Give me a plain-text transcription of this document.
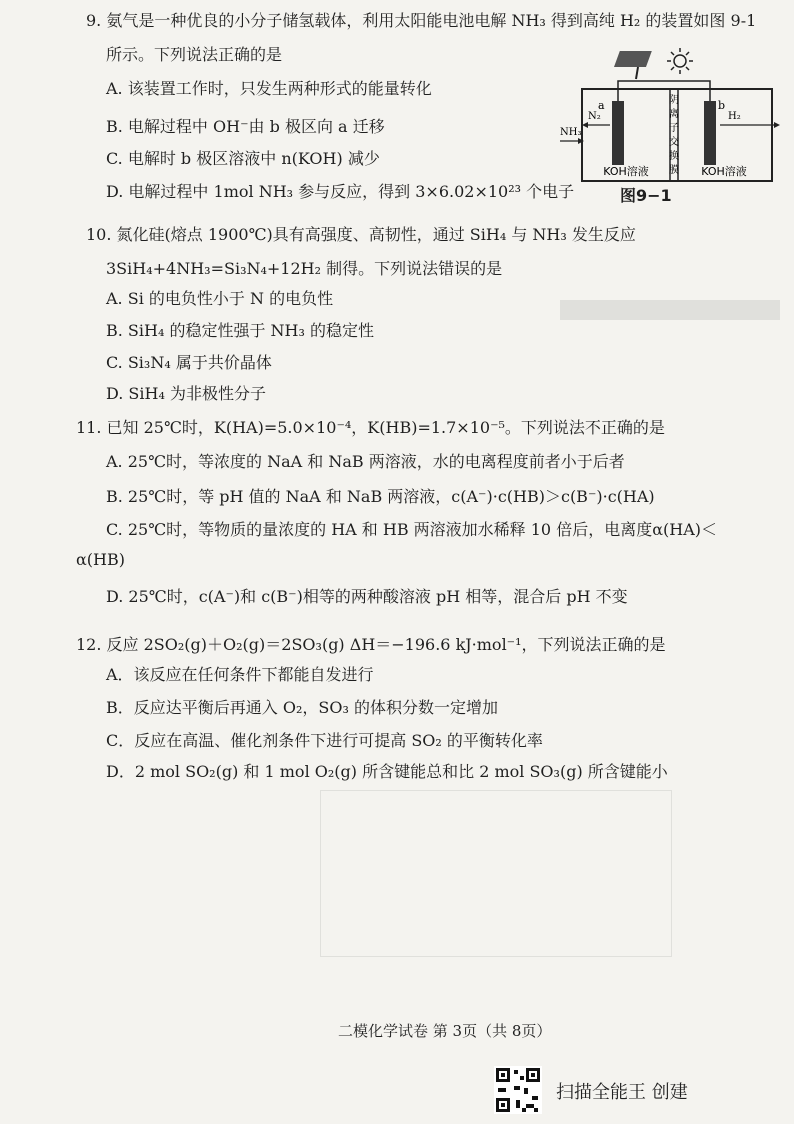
9. 氨气是一种优良的小分子储氢载体，利用太阳能电池电解 NH₃ 得到高纯 H₂ 的装置如图 9-1
所示。下列说法正确的是
A. 该装置工作时，只发生两种形式的能量转化
B. 电解过程中 OH⁻由 b 极区向 a 迁移
C. 电解时 b 极区溶液中 n(KOH) 减少
D. 电解过程中 1mol NH₃ 参与反应，得到 3×6.02×10²³ 个电子
a	b
N₂
NH₃
H₂
阴
离
子
交
换
膜
KOH溶液	KOH溶液
图9−1
10. 氮化硅(熔点 1900℃)具有高强度、高韧性，通过 SiH₄ 与 NH₃ 发生反应
3SiH₄+4NH₃=Si₃N₄+12H₂ 制得。下列说法错误的是
A. Si 的电负性小于 N 的电负性
B. SiH₄ 的稳定性强于 NH₃ 的稳定性
C. Si₃N₄ 属于共价晶体
D. SiH₄ 为非极性分子
11. 已知 25℃时，K(HA)=5.0×10⁻⁴，K(HB)=1.7×10⁻⁵。下列说法不正确的是
A. 25℃时，等浓度的 NaA 和 NaB 两溶液，水的电离程度前者小于后者
B. 25℃时，等 pH 值的 NaA 和 NaB 两溶液，c(A⁻)·c(HB)＞c(B⁻)·c(HA)
C. 25℃时，等物质的量浓度的 HA 和 HB 两溶液加水稀释 10 倍后，电离度α(HA)＜
α(HB)
D. 25℃时，c(A⁻)和 c(B⁻)相等的两种酸溶液 pH 相等，混合后 pH 不变
12. 反应 2SO₂(g)＋O₂(g)＝2SO₃(g) ΔH＝−196.6 kJ·mol⁻¹，下列说法正确的是
A．该反应在任何条件下都能自发进行
B．反应达平衡后再通入 O₂，SO₃ 的体积分数一定增加
C．反应在高温、催化剂条件下进行可提高 SO₂ 的平衡转化率
D．2 mol SO₂(g) 和 1 mol O₂(g) 所含键能总和比 2 mol SO₃(g) 所含键能小
二模化学试卷 第 3页（共 8页）
扫描全能王 创建
